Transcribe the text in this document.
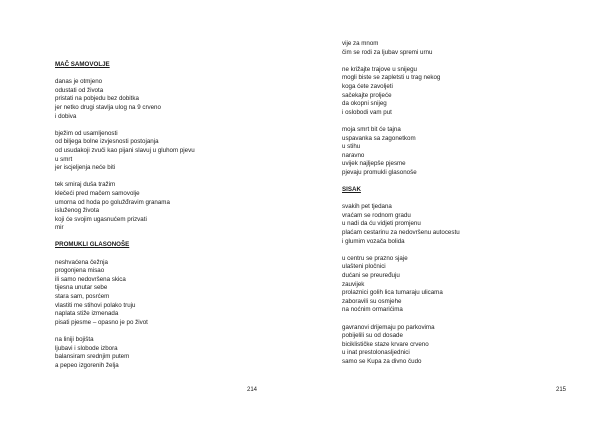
MAČ SAMOVOLJE
danas je otmjeno
odustati od života
pristati na pobjedu bez dobitka
jer netko drugi stavlja ulog na 9 crveno
i dobiva
bježim od usamljenosti
od biljega bolne izvjesnosti postojanja
od usudakoji zvuči kao pijani slavuj u gluhom pjevu
u smrt
jer iscjeljenja neće biti
tek smiraj duša tražim
klečeći pred mačem samovolje
umorna od hoda po golužđravim granama
isluženog života
koji će svojim ugasnućem prizvati
mir
PROMUKLI GLASONOŠE
neshvaćena čežnja
progonjena misao
ili samo nedovršena skica
tijesna unutar sebe
stara sam, posrćem
vlastiti me stihovi polako truju
naplata stiže izmenada
pisati pjesme – opasno je po život
na liniji bojišta
ljubavi i slobode izbora
balansiram srednjim putem
a pepeo izgorenih želja
214
vije za mnom
čim se rodi za ljubav spremi urnu
ne križajte trajove u snijegu
mogli biste se zapletsti u trag nekog
koga ćete zavoljeti
sačekajte proljeće
da okopni snijeg
i oslobodi vam put
moja smrt bit će tajna
uspavanka sa zagonetkom
u stihu
naravno
uvijek najljepše pjesme
pjevaju promukli glasonoše
SISAK
svakih pet tjedana
vraćam se rodnom gradu
u nadi da ću vidjeti promjenu
plaćam cestarinu za nedovršenu autocestu
i glumim vozača bolida
u centru se prazno sjaje
ulašteni pločnici
dućani se preuređuju
zauvijek
prolaznici golih lica tumaraju ulicama
zaboravili su osmjehe
na noćnim ormarićima
gavranovi drijemaju po parkovima
pobijelili su od dosade
biciklističke staze krvare crveno
u inat prestolonasljednici
samo se Kupa za divno čudo
215
